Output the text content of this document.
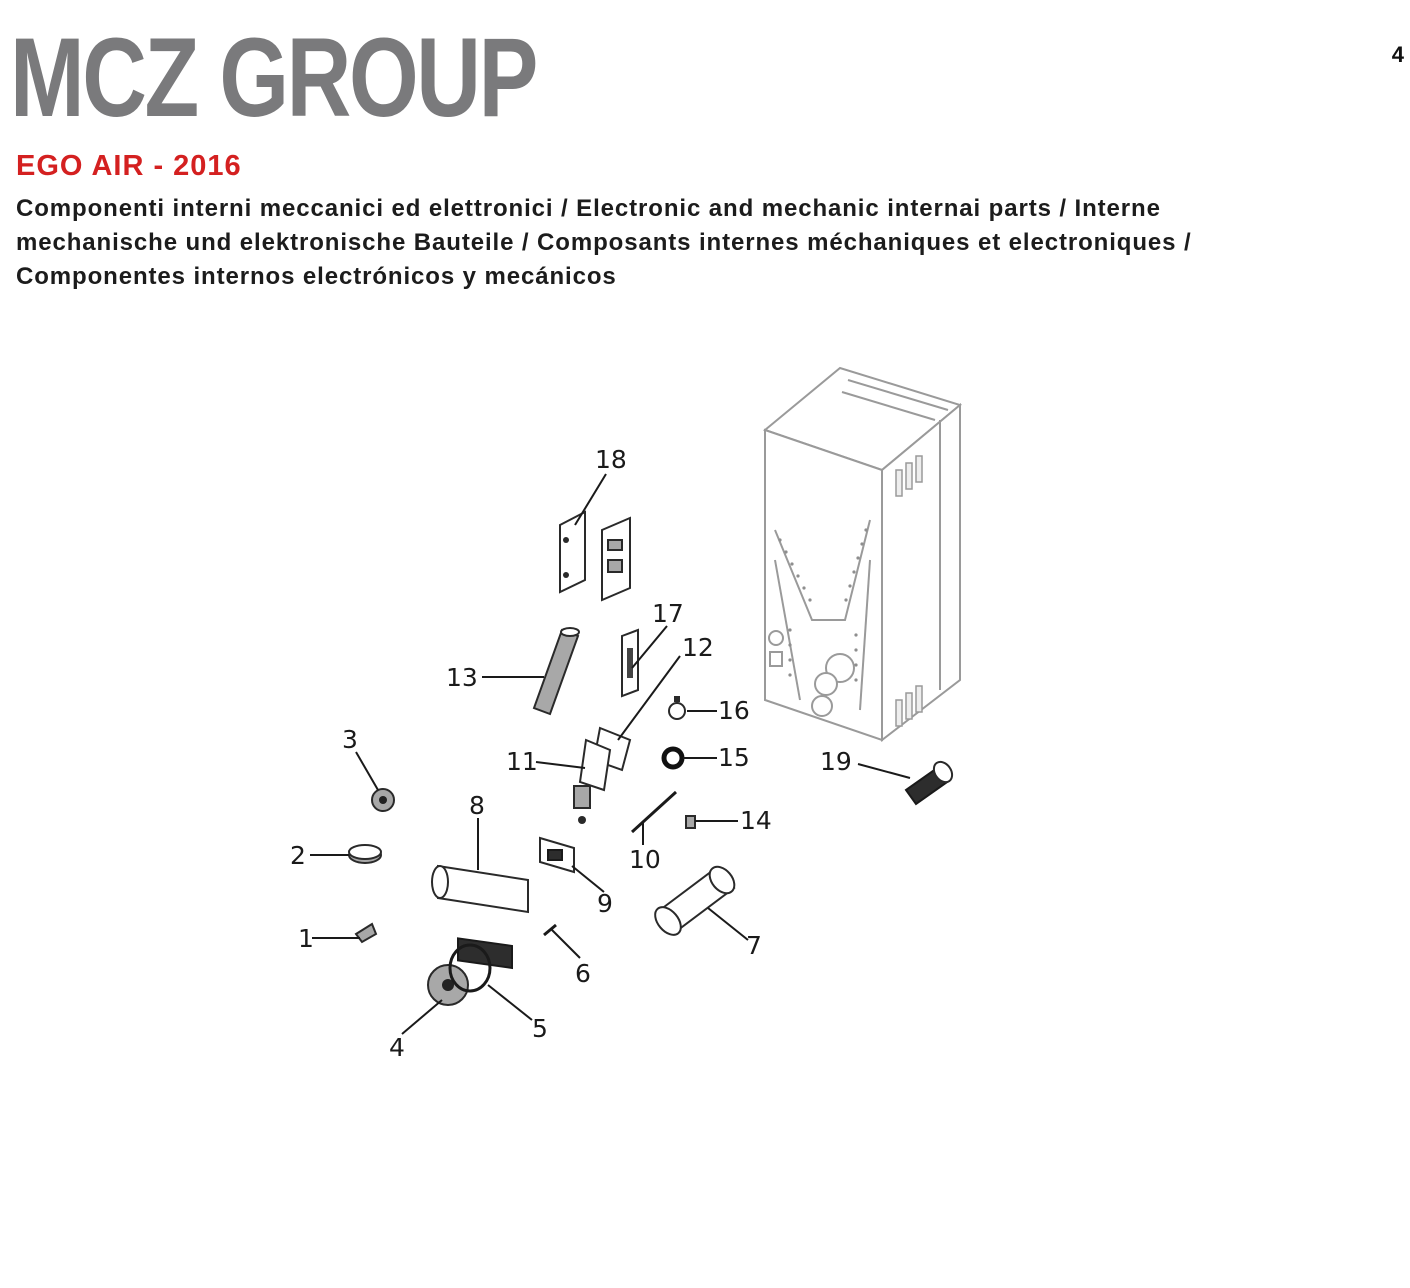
MCZ GROUP	4
EGO AIR - 2016
Componenti interni meccanici ed elettronici / Electronic and mechanic internai parts / Interne
mechanische und elektronische Bauteile / Composants internes méchaniques et electroniques /
Componentes internos electrónicos y mecánicos
18
17
12
13
16
3
11	15	19
8
14
2	10
9
1	7
6
5
4
